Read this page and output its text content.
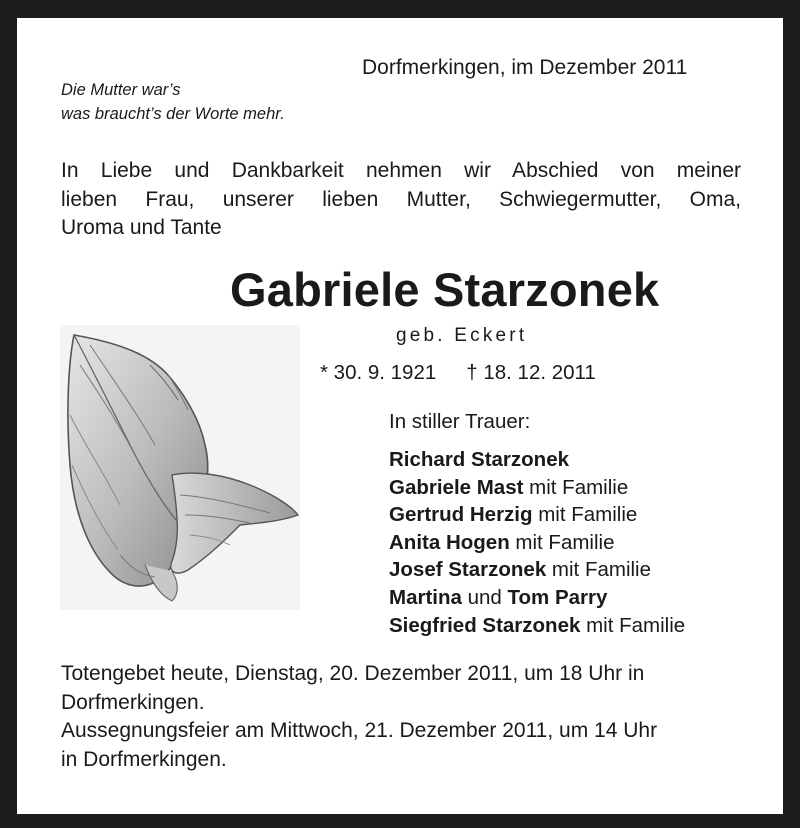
Dorfmerkingen, im Dezember 2011
Die Mutter war’s
was braucht’s der Worte mehr.
In Liebe und Dankbarkeit nehmen wir Abschied von meiner
lieben Frau, unserer lieben Mutter, Schwiegermutter, Oma,
Uroma und Tante
Gabriele Starzonek
geb. Eckert
* 30. 9. 1921 † 18. 12. 2011
In stiller Trauer:
Richard Starzonek
Gabriele Mast mit Familie
Gertrud Herzig mit Familie
Anita Hogen mit Familie
Josef Starzonek mit Familie
Martina und Tom Parry
Siegfried Starzonek mit Familie
Totengebet heute, Dienstag, 20. Dezember 2011, um 18 Uhr in
Dorfmerkingen.
Aussegnungsfeier am Mittwoch, 21. Dezember 2011, um 14 Uhr
in Dorfmerkingen.
